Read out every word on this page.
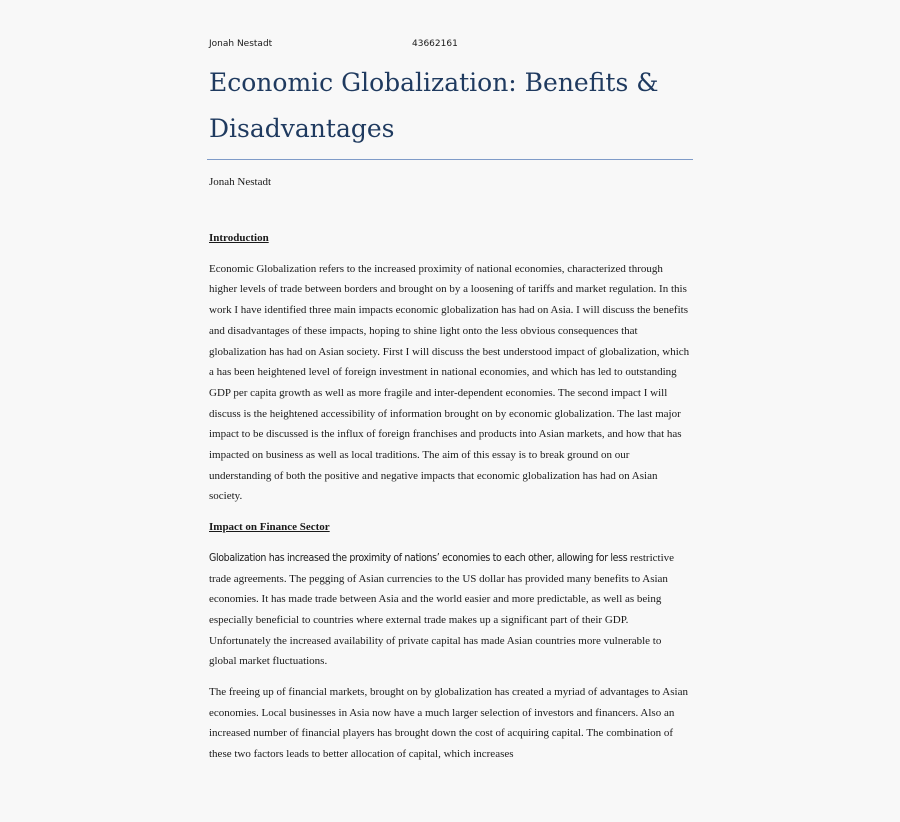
Jonah Nestadt	43662161
Economic Globalization: Benefits & Disadvantages
Jonah Nestadt
Introduction

Economic Globalization refers to the increased proximity of national economies, characterized through higher levels of trade between borders and brought on by a loosening of tariffs and market regulation. In this work I have identified three main impacts economic globalization has had on Asia. I will discuss the benefits and disadvantages of these impacts, hoping to shine light onto the less obvious consequences that globalization has had on Asian society. First I will discuss the best understood impact of globalization, which a has been heightened level of foreign investment in national economies, and which has led to outstanding GDP per capita growth as well as more fragile and inter-dependent economies. The second impact I will discuss is the heightened accessibility of information brought on by economic globalization. The last major impact to be discussed is the influx of foreign franchises and products into Asian markets, and how that has impacted on business as well as local traditions. The aim of this essay is to break ground on our understanding of both the positive and negative impacts that economic globalization has had on Asian society.

Impact on Finance Sector

Globalization has increased the proximity of nations’ economies to each other, allowing for less restrictive trade agreements. The pegging of Asian currencies to the US dollar has provided many benefits to Asian economies. It has made trade between Asia and the world easier and more predictable, as well as being especially beneficial to countries where external trade makes up a significant part of their GDP. Unfortunately the increased availability of private capital has made Asian countries more vulnerable to global market fluctuations.

The freeing up of financial markets, brought on by globalization has created a myriad of advantages to Asian economies. Local businesses in Asia now have a much larger selection of investors and financers. Also an increased number of financial players has brought down the cost of acquiring capital. The combination of these two factors leads to better allocation of capital, which increases
